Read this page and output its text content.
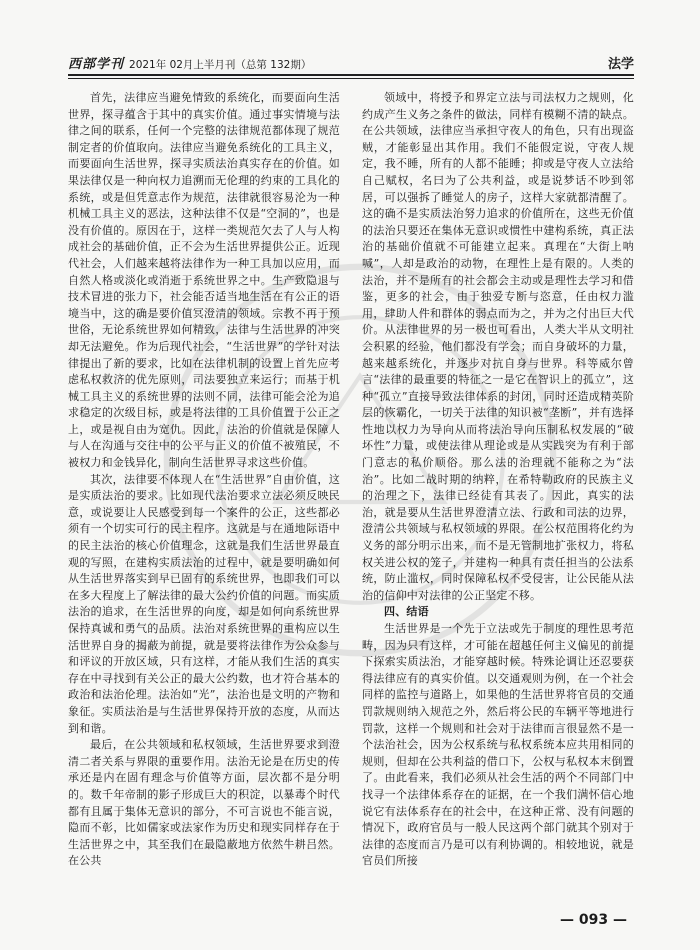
西部学刊 2021年 02月上半月刊（总第 132期）	法学

首先，法律应当避免情致的系统化，而要面向生活世界，探寻蕴含于其中的真实价值。通过事实情境与法律之间的联系，任何一个完整的法律规范都体现了规范制定者的价值取向。法律应当避免系统化的工具主义，而要面向生活世界，探寻实质法治真实存在的价值。如果法律仅是一种向权力追溯而无伦理的约束的工具化的系统，或是但凭意志作为规范，法律就很容易沦为一种机械工具主义的恶法，这种法律不仅是“空洞的”，也是没有价值的。原因在于，这样一类规范欠去了人与人构成社会的基础价值，正不会为生活世界提供公正。近现代社会，人们越来越将法律作为一种工具加以应用，而自然人格或淡化或消逝于系统世界之中。生产致隐退与技术冒进的张力下，社会能否适当地生活在有公正的语境当中，这的确是要价值冥澄清的领域。宗教不再于预世俗，无论系统世界如何精致，法律与生活世界的冲突却无法避免。作为后现代社会，“生活世界”的学针对法律提出了新的要求，比如在法律机制的设置上首先应考虑私权救济的优先原则，司法要独立来运行；而基于机械工具主义的系统世界的法则不同，法律可能会沦为追求稳定的次级目标，或是将法律的工具价值置于公正之上，或是视自由为宽仇。因此，法治的价值就是保障人与人在沟通与交往中的公平与正义的价值不被殖民，不被权力和金钱异化，制向生活世界寻求这些价值。

其次，法律要不体现人在“生活世界”自由价值，这是实质法治的要求。比如现代法治要求立法必须反映民意，或说要让人民感受到每一个案件的公正，这些都必须有一个切实可行的民主程序。这就是与在通地际语中的民主法治的核心价值理念，这就是我们生活世界最直观的写照，在建构实质法治的过程中，就是要明确如何从生活世界落实到早已固有的系统世界，也即我们可以在多大程度上了解法律的最大公约价值的问题。而实质法治的追求，在生活世界的向度，却是如何向系统世界保持真诚和勇气的品质。法治对系统世界的重构应以生活世界自身的揭蔽为前提，就是要将法律作为公众参与和评议的开放区域，只有这样，才能从我们生活的真实存在中寻找到有关公正的最大公约数，也才符合基本的政治和法治伦理。法治如“光”，法治也是文明的产物和象征。实质法治是与生活世界保持开放的态度，从而达到和谐。

最后，在公共领域和私权领域，生活世界要求到澄清二者关系与界限的重要作用。法治无论是在历史的传承还是内在固有理念与价值等方面，层次都不是分明的。数千年帝制的影子形成巨大的积淀，以暴毒个时代都有且属于集体无意识的部分，不可言说也不能言说，隐而不彰，比如儒家或法家作为历史和现实同样存在于生活世界之中，其至我们在最隐蔽地方依然牛耕吕然。在公共

领域中，将授予和界定立法与司法权力之规则，化约成产生义务之条件的做法，同样有模糊不清的缺点。在公共领域，法律应当承担守夜人的角色，只有出现盗贼，才能彰显出其作用。我们不能假定说，守夜人规定，我不睡，所有的人都不能睡；抑或是守夜人立法给自己赋权，名曰为了公共利益，或是说梦话不吵到邻居，可以强拆了睡觉人的房子，这样大家就都清醒了。这的确不是实质法治努力追求的价值所在，这些无价值的法治只要还在集体无意识或惯性中建构系统，真正法治的基础价值就不可能建立起来。真理在“大街上呐喊”，人却是政治的动物，在理性上是有限的。人类的法治，并不是所有的社会都会主动或是理性去学习和借鉴，更多的社会，由于独爱专断与恣意，任由权力滥用，肆助人件和群体的弱点而为之，并为之付出巨大代价。从法律世界的另一极也可看出，人类大半从文明社会积累的经验，他们都没有学会；而自身破坏的力量，越来越系统化，并逐步对抗自身与世界。科等威尔曾言“法律的最重要的特征之一是它在智识上的孤立”，这种“孤立”直接导致法律体系的封闭，同时还造成精英阶层的恢霸化，一切关于法律的知识被“垄断”，并有选择性地以权力为导向从而将法治导向压制私权发展的“破坏性”力量，或使法律从理论或是从实践突为有利于部门意志的私价顺俗。那么法的治理就不能称之为“法治”。比如二战时期的纳粹，在希特勒政府的民族主义的治理之下，法律已经徒有其表了。因此，真实的法治，就是要从生活世界澄清立法、行政和司法的边界，澄清公共领域与私权领域的界限。在公权范围将化约为义务的部分明示出来，而不是无管制地扩张权力，将私权关进公权的笼子，并建构一种具有责任担当的公法系统，防止滥权，同时保障私权不受侵害，让公民能从法治的信仰中对法律的公正坚定不移。

四、结语

生活世界是一个先于立法或先于制度的理性思考范畴，因为只有这样，才可能在超越任何主义偏见的前提下探索实质法治，才能穿越时候。特殊论调让还忍要获得法律应有的真实价值。以交通观则为例，在一个社会同样的监控与道路上，如果他的生活世界将官员的交通罚款规则纳入规范之外，然后将公民的车辆平等地进行罚款，这样一个规则和社会对于法律而言很显然不是一个法治社会，因为公权系统与私权系统本应共用相同的规则，但却在公共利益的借口下，公权与私权本末倒置了。由此看来，我们必须从社会生活的两个不同部门中找寻一个法律体系存在的证据，在一个我们满怀信心地说它有法体系存在的社会中，在这种正常、没有问题的情况下，政府官员与一般人民这两个部门就其个别对于法律的态度而言乃是可以有利协调的。相较地说，就是官员们所接

— 093 —
